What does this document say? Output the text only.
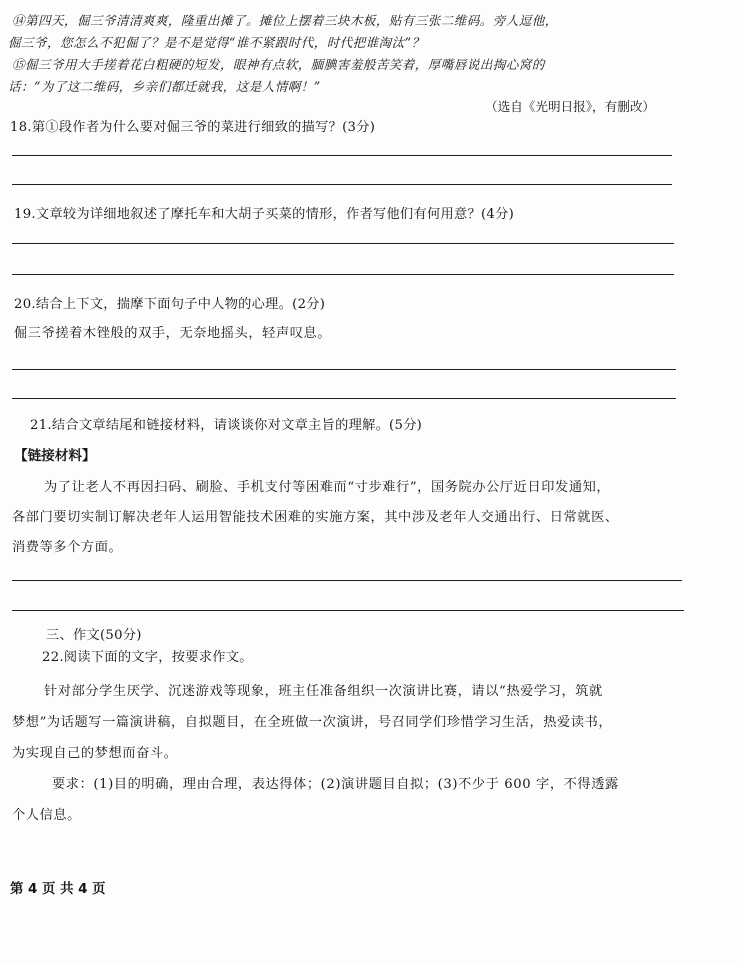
⑭第四天，倔三爷清清爽爽，隆重出摊了。摊位上摆着三块木板，贴有三张二维码。旁人逗他，
倔三爷，您怎么不犯倔了？是不是觉得“谁不紧跟时代，时代把谁淘汰”？
⑮倔三爷用大手搓着花白粗硬的短发，眼神有点软，腼腆害羞般苦笑着，厚嘴唇说出掏心窝的
话：“为了这二维码，乡亲们都迁就我，这是人情啊！”
（选自《光明日报》，有删改）
18.第①段作者为什么要对倔三爷的菜进行细致的描写？(3分)
19.文章较为详细地叙述了摩托车和大胡子买菜的情形，作者写他们有何用意？(4分)
20.结合上下文，揣摩下面句子中人物的心理。(2分)
倔三爷搓着木锉般的双手，无奈地摇头，轻声叹息。
21.结合文章结尾和链接材料，请谈谈你对文章主旨的理解。(5分)
【链接材料】
为了让老人不再因扫码、刷脸、手机支付等困难而“寸步难行”，国务院办公厅近日印发通知，
各部门要切实制订解决老年人运用智能技术困难的实施方案，其中涉及老年人交通出行、日常就医、
消费等多个方面。
三、作文(50分)
22.阅读下面的文字，按要求作文。
针对部分学生厌学、沉迷游戏等现象，班主任准备组织一次演讲比赛，请以“热爱学习，筑就
梦想”为话题写一篇演讲稿，自拟题目，在全班做一次演讲，号召同学们珍惜学习生活，热爱读书，
为实现自己的梦想而奋斗。
要求：(1)目的明确，理由合理，表达得体；(2)演讲题目自拟；(3)不少于 600 字，不得透露
个人信息。
第 4 页 共 4 页
